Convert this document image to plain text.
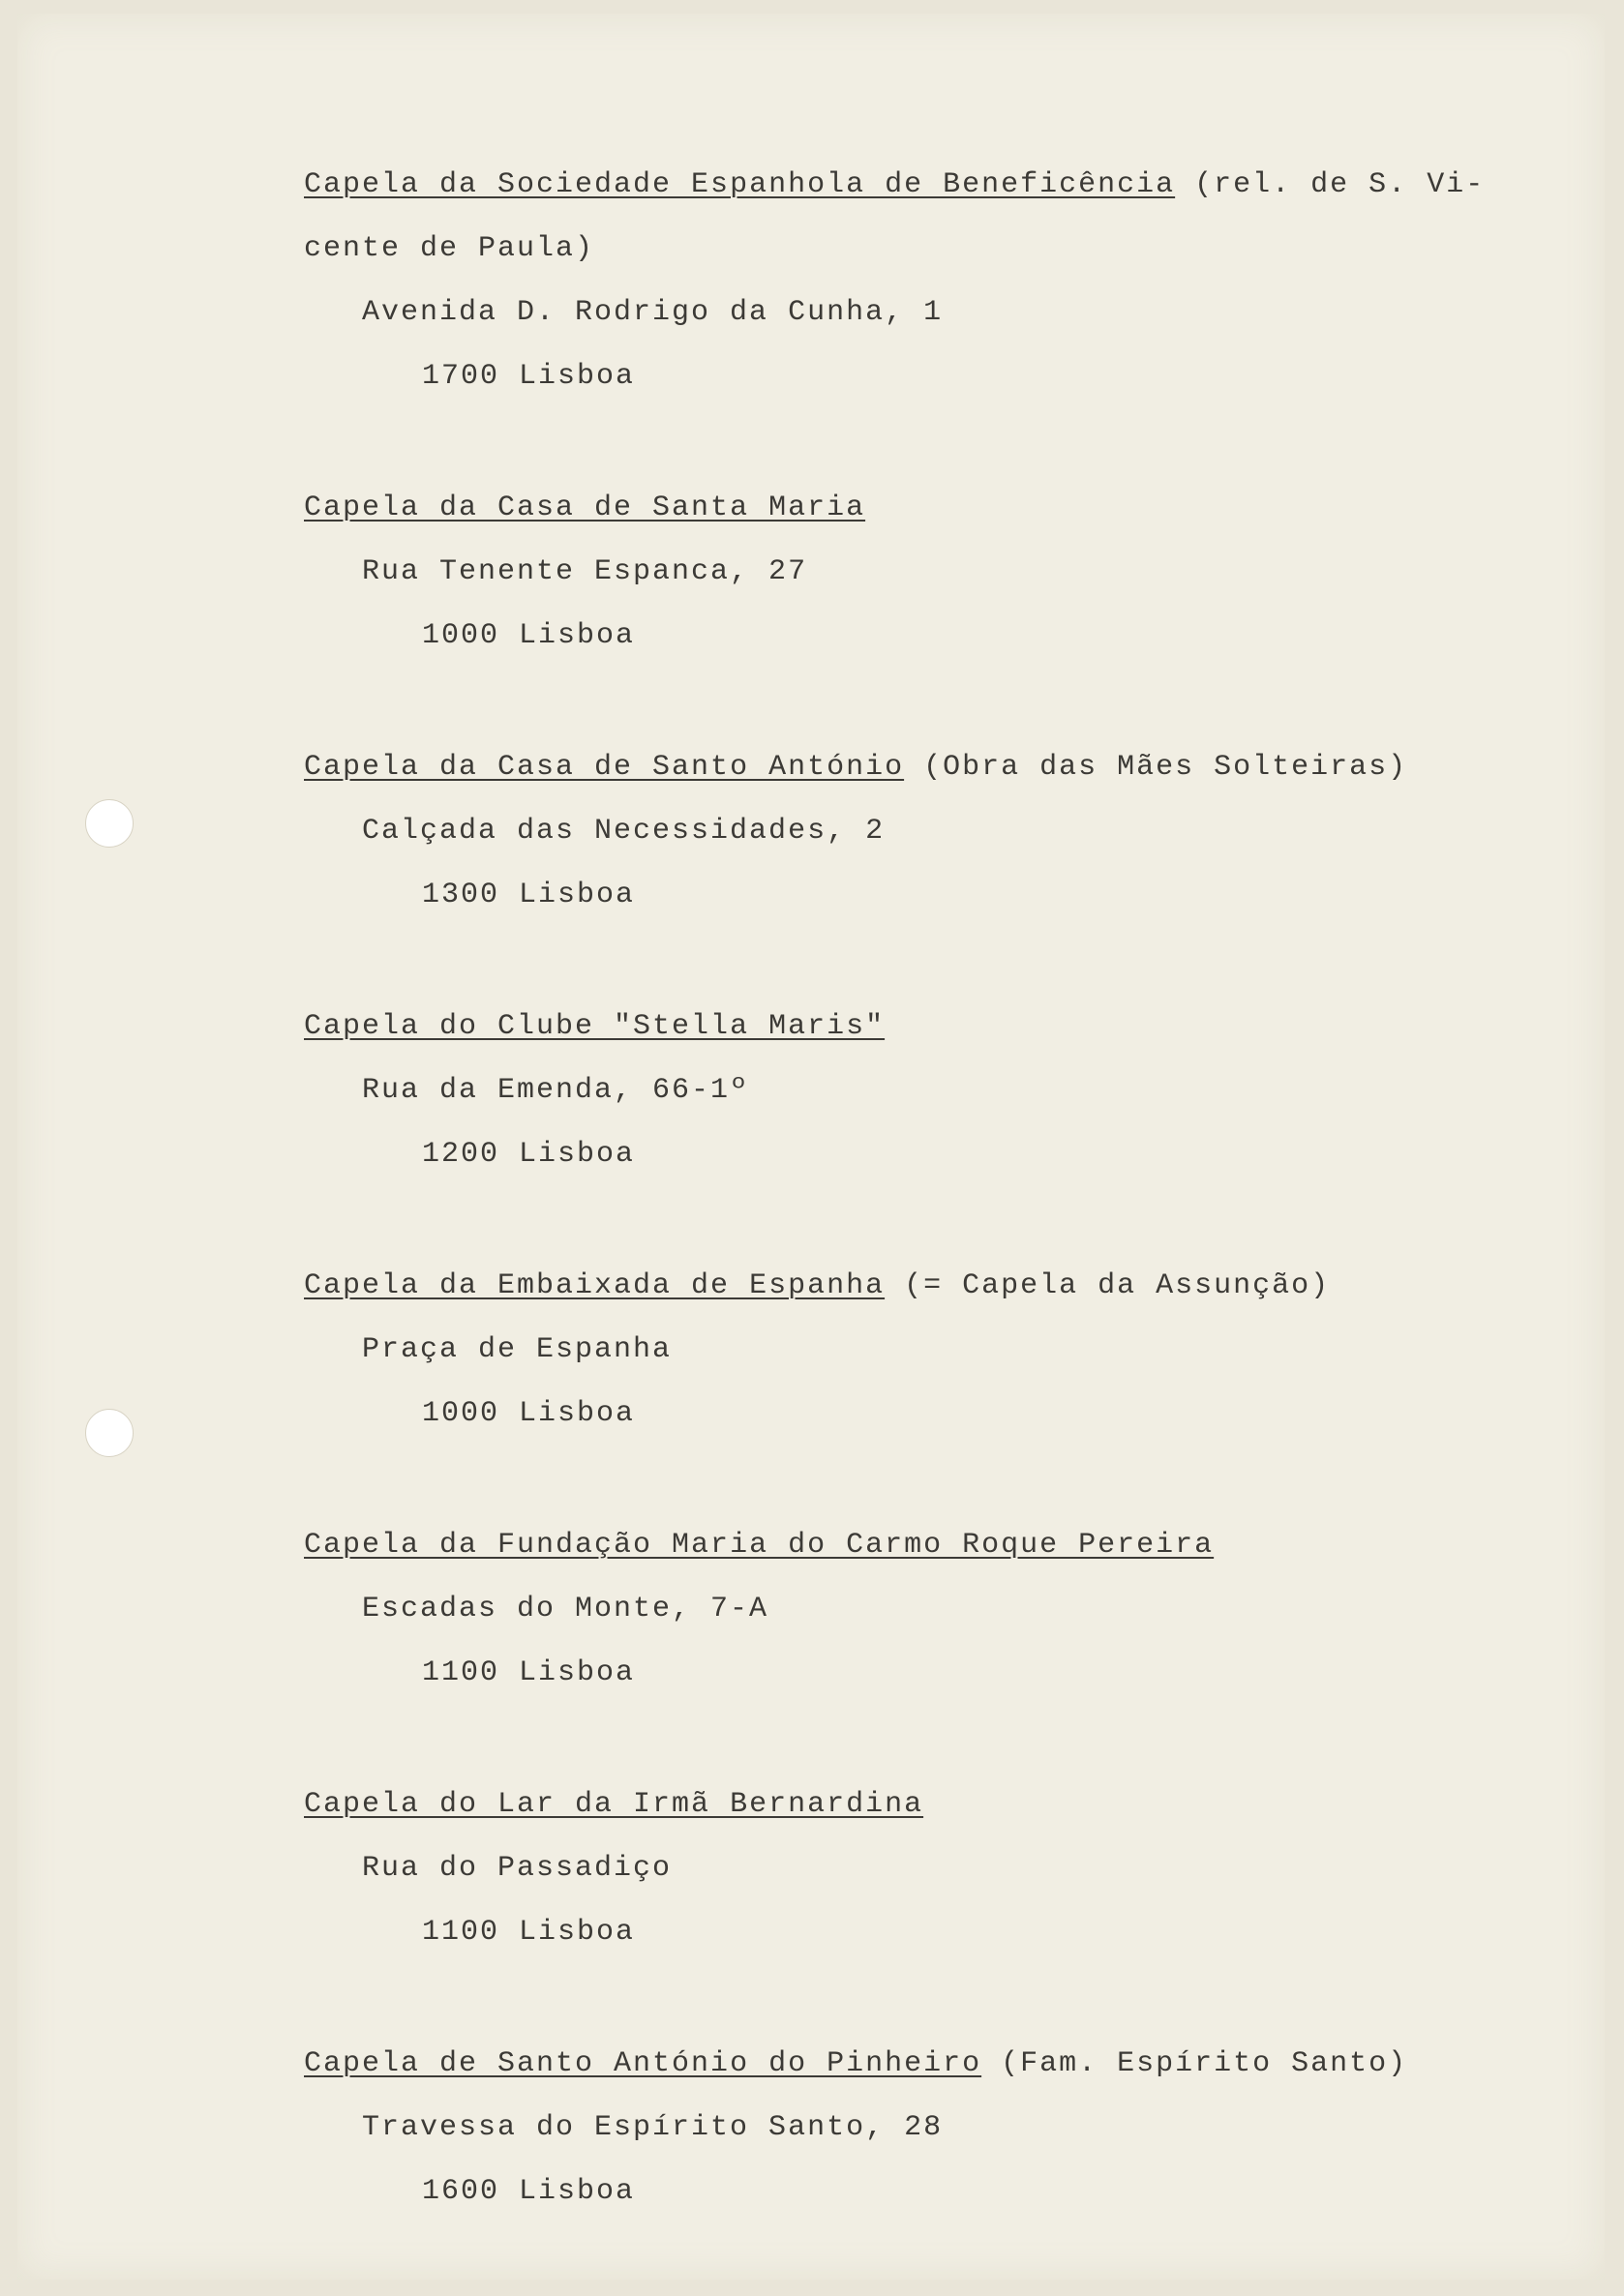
Capela da Sociedade Espanhola de Beneficência (rel. de S. Vi-
cente de Paula)
Avenida D. Rodrigo da Cunha, 1
1700 Lisboa
Capela da Casa de Santa Maria
Rua Tenente Espanca, 27
1000 Lisboa
Capela da Casa de Santo António (Obra das Mães Solteiras)
Calçada das Necessidades, 2
1300 Lisboa
Capela do Clube "Stella Maris"
Rua da Emenda, 66-1º
1200 Lisboa
Capela da Embaixada de Espanha (= Capela da Assunção)
Praça de Espanha
1000 Lisboa
Capela da Fundação Maria do Carmo Roque Pereira
Escadas do Monte, 7-A
1100 Lisboa
Capela do Lar da Irmã Bernardina
Rua do Passadiço
1100 Lisboa
Capela de Santo António do Pinheiro (Fam. Espírito Santo)
Travessa do Espírito Santo, 28
1600 Lisboa
